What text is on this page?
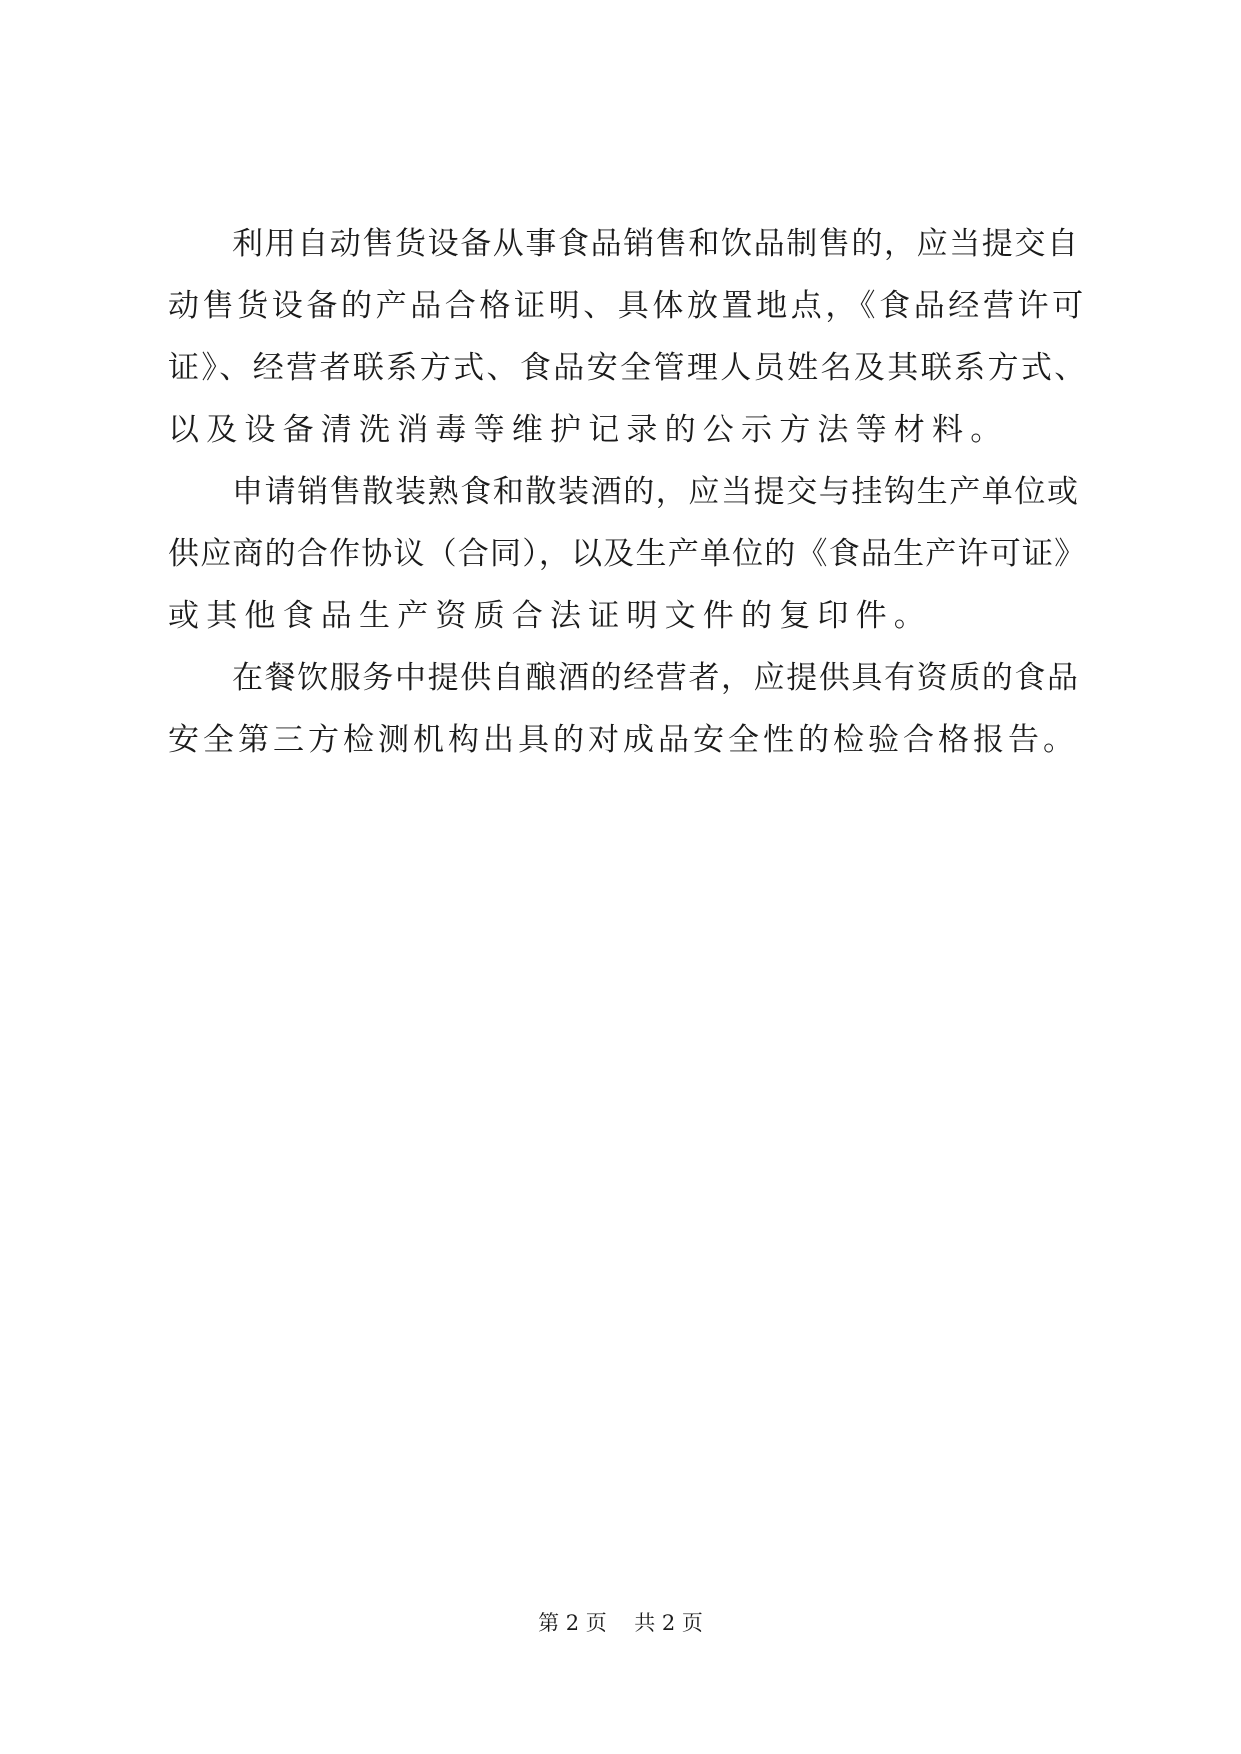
利用自动售货设备从事食品销售和饮品制售的，应当提交自
动售货设备的产品合格证明、具体放置地点，《食品经营许可
证》、经营者联系方式、食品安全管理人员姓名及其联系方式、
以及设备清洗消毒等维护记录的公示方法等材料。
申请销售散装熟食和散装酒的，应当提交与挂钩生产单位或
供应商的合作协议（合同），以及生产单位的《食品生产许可证》
或其他食品生产资质合法证明文件的复印件。
在餐饮服务中提供自酿酒的经营者，应提供具有资质的食品
安全第三方检测机构出具的对成品安全性的检验合格报告。
第 2 页 共 2 页
